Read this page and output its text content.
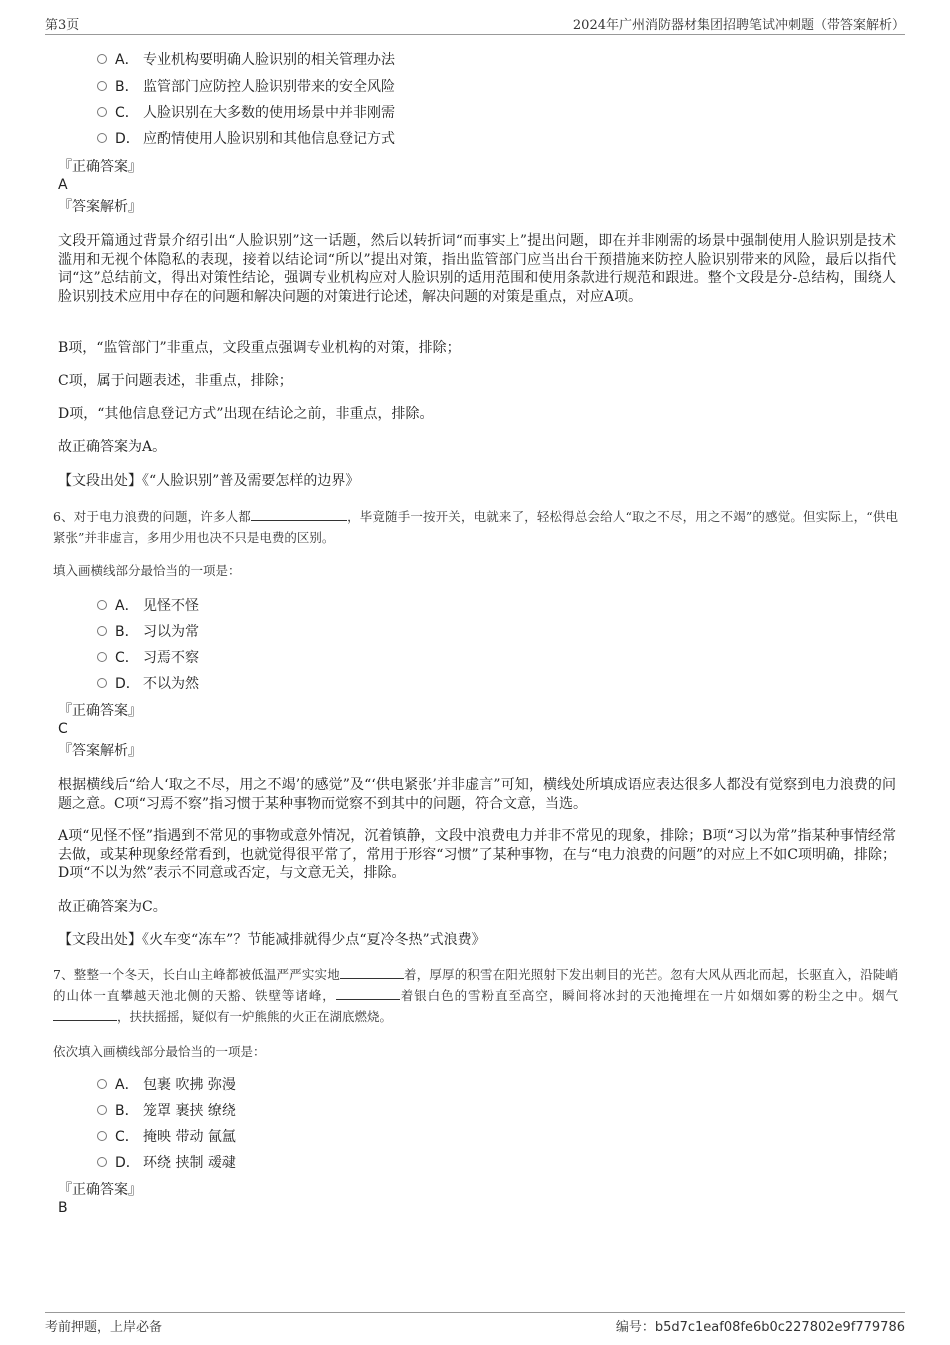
第3页	2024年广州消防器材集团招聘笔试冲刺题（带答案解析）
A． 专业机构要明确人脸识别的相关管理办法
B． 监管部门应防控人脸识别带来的安全风险
C． 人脸识别在大多数的使用场景中并非刚需
D． 应酌情使用人脸识别和其他信息登记方式
『正确答案』
A
『答案解析』
文段开篇通过背景介绍引出“人脸识别”这一话题，然后以转折词“而事实上”提出问题，即在并非刚需的场景中强制使用人脸识别是技术滥用和无视个体隐私的表现，接着以结论词“所以”提出对策，指出监管部门应当出台干预措施来防控人脸识别带来的风险，最后以指代词“这”总结前文，得出对策性结论，强调专业机构应对人脸识别的适用范围和使用条款进行规范和跟进。整个文段是分-总结构，围绕人脸识别技术应用中存在的问题和解决问题的对策进行论述，解决问题的对策是重点，对应A项。
B项，“监管部门”非重点，文段重点强调专业机构的对策，排除；
C项，属于问题表述，非重点，排除；
D项，“其他信息登记方式”出现在结论之前，非重点，排除。
故正确答案为A。
【文段出处】《“人脸识别”普及需要怎样的边界》
6、对于电力浪费的问题，许多人都	，毕竟随手一按开关，电就来了，轻松得总会给人“取之不尽，用之不竭”的感觉。但实际上，“供电紧张”并非虚言，多用少用也决不只是电费的区别。
填入画横线部分最恰当的一项是：
A． 见怪不怪
B． 习以为常
C． 习焉不察
D． 不以为然
『正确答案』
C
『答案解析』
根据横线后“给人‘取之不尽，用之不竭’的感觉”及“‘供电紧张’并非虚言”可知，横线处所填成语应表达很多人都没有觉察到电力浪费的问题之意。C项“习焉不察”指习惯于某种事物而觉察不到其中的问题，符合文意，当选。
A项“见怪不怪”指遇到不常见的事物或意外情况，沉着镇静，文段中浪费电力并非不常见的现象，排除；B项“习以为常”指某种事情经常去做，或某种现象经常看到，也就觉得很平常了，常用于形容“习惯”了某种事物，在与“电力浪费的问题”的对应上不如C项明确，排除；D项“不以为然”表示不同意或否定，与文意无关，排除。
故正确答案为C。
【文段出处】《火车变“冻车”？节能减排就得少点“夏冷冬热”式浪费》
7、整整一个冬天，长白山主峰都被低温严严实实地	着，厚厚的积雪在阳光照射下发出刺目的光芒。忽有大风从西北而起，长驱直入，沿陡峭的山体一直攀越天池北侧的天豁、铁壁等诸峰，	着银白色的雪粉直至高空，瞬间将冰封的天池掩埋在一片如烟如雾的粉尘之中。烟气，扶扶摇摇，疑似有一炉熊熊的火正在湖底燃烧。
依次填入画横线部分最恰当的一项是：
A． 包裹 吹拂 弥漫
B． 笼罩 裹挟 缭绕
C． 掩映 带动 氤氲
D． 环绕 挟制 叆叇
『正确答案』
B
考前押题，上岸必备	编号：b5d7c1eaf08fe6b0c227802e9f779786
